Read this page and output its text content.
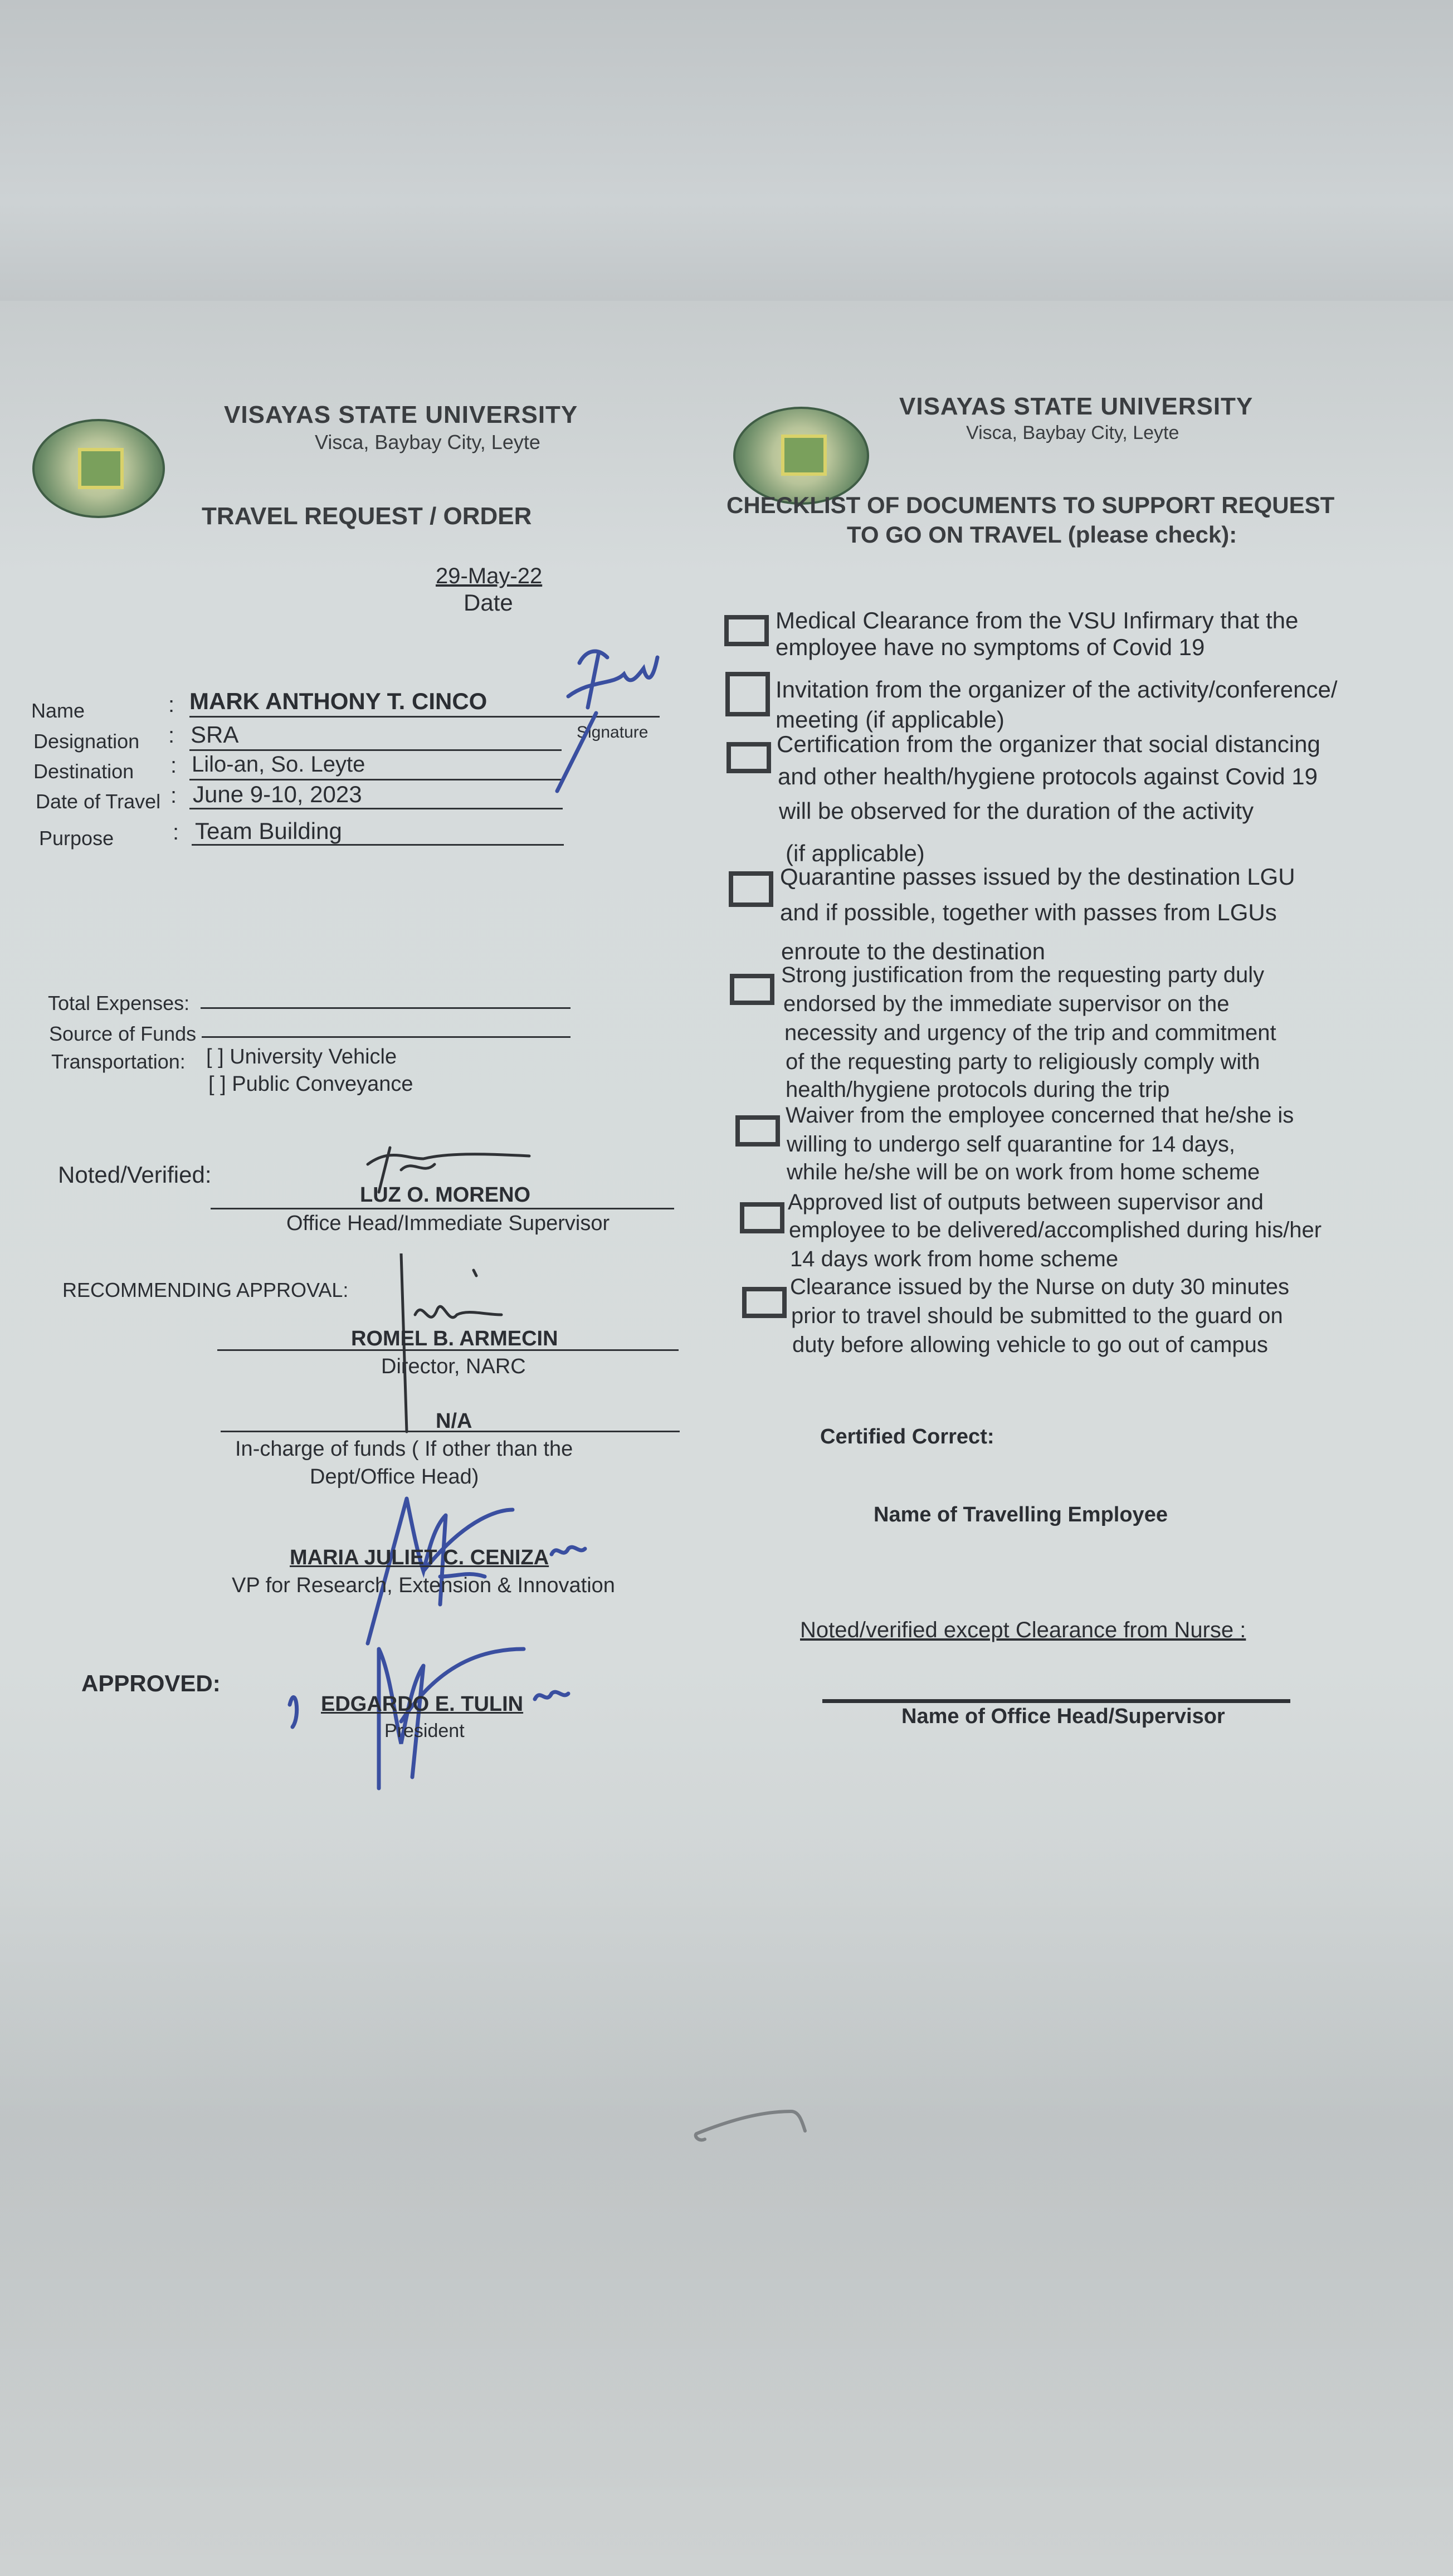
VISAYAS STATE UNIVERSITY
Visca, Baybay City, Leyte
TRAVEL REQUEST / ORDER
29-May-22
Date
Name	: MARK ANTHONY T. CINCO
Signature
Designation : SRA
Destination : Lilo-an, So. Leyte
Date of Travel : June 9-10, 2023
Purpose	: Team Building
Total Expenses:
Source of Funds
Transportation: [ ] University Vehicle
[ ] Public Conveyance
Noted/Verified:
LUZ O. MORENO
Office Head/Immediate Supervisor
RECOMMENDING APPROVAL:
ROMEL B. ARMECIN
Director, NARC
N/A
In-charge of funds ( If other than the
Dept/Office Head)
MARIA JULIET C. CENIZA
VP for Research, Extension & Innovation
APPROVED:
EDGARDO E. TULIN
President
VISAYAS STATE UNIVERSITY
Visca, Baybay City, Leyte
CHECKLIST OF DOCUMENTS TO SUPPORT REQUEST
TO GO ON TRAVEL (please check):
Medical Clearance from the VSU Infirmary that the
employee have no symptoms of Covid 19
Invitation from the organizer of the activity/conference/
meeting (if applicable)
Certification from the organizer that social distancing
and other health/hygiene protocols against Covid 19
will be observed for the duration of the activity
(if applicable)
Quarantine passes issued by the destination LGU
and if possible, together with passes from LGUs
enroute to the destination
Strong justification from the requesting party duly
endorsed by the immediate supervisor on the
necessity and urgency of the trip and commitment
of the requesting party to religiously comply with
health/hygiene protocols during the trip
Waiver from the employee concerned that he/she is
willing to undergo self quarantine for 14 days,
while he/she will be on work from home scheme
Approved list of outputs between supervisor and
employee to be delivered/accomplished during his/her
14 days work from home scheme
Clearance issued by the Nurse on duty 30 minutes
prior to travel should be submitted to the guard on
duty before allowing vehicle to go out of campus
Certified Correct:
Name of Travelling Employee
Noted/verified except Clearance from Nurse :
Name of Office Head/Supervisor
